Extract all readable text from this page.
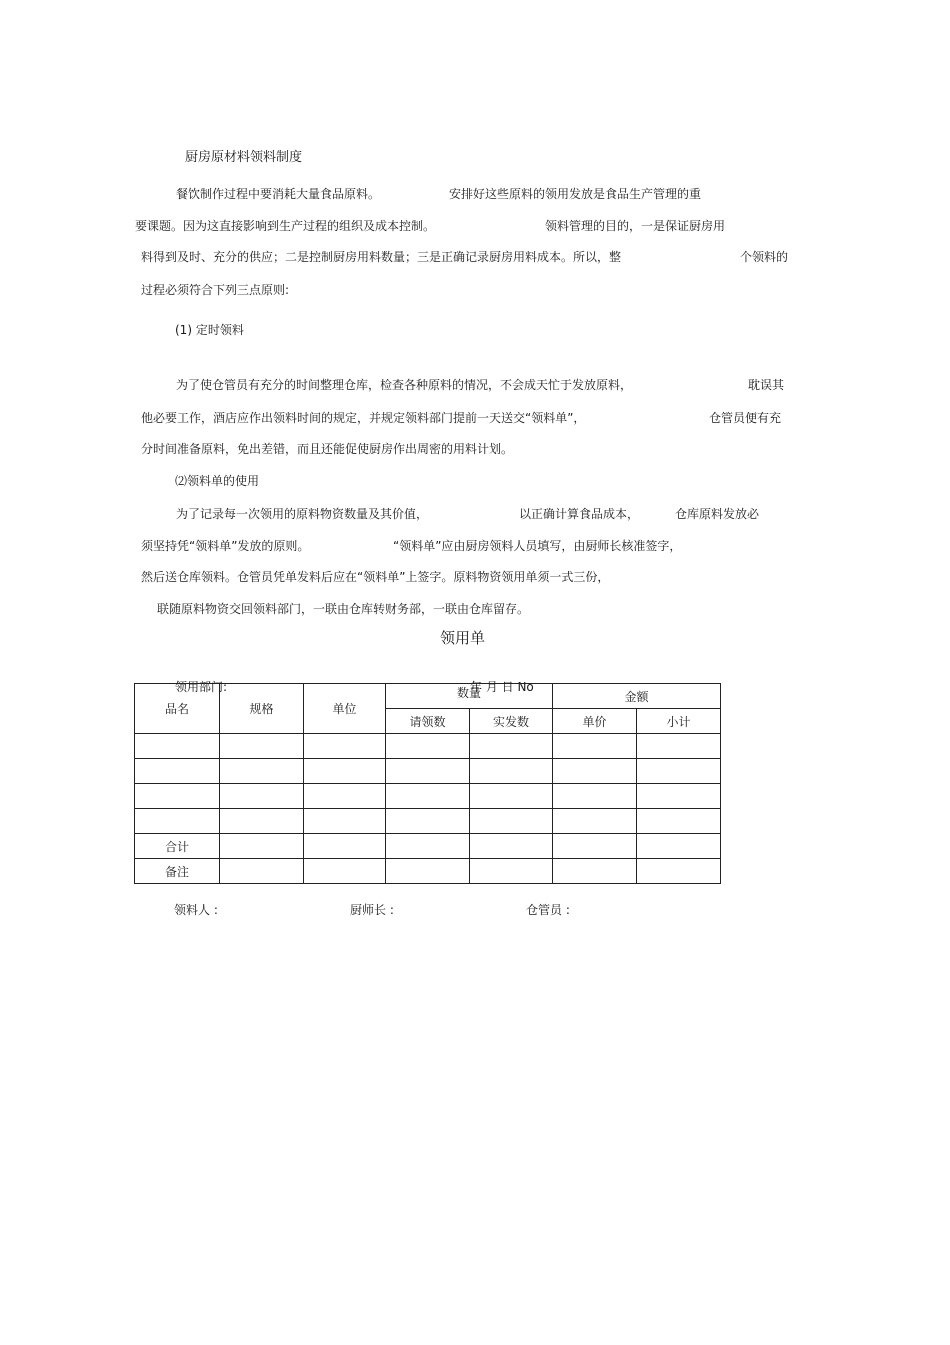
厨房原材料领料制度
餐饮制作过程中要消耗大量食品原料。	安排好这些原料的领用发放是食品生产管理的重
要课题。因为这直接影响到生产过程的组织及成本控制。	领料管理的目的，一是保证厨房用
料得到及时、充分的供应；二是控制厨房用料数量；三是正确记录厨房用料成本。所以，整	个领料的
过程必须符合下列三点原则:
(1) 定时领料
为了使仓管员有充分的时间整理仓库，检查各种原料的情况，不会成天忙于发放原料，	耽误其
他必要工作，酒店应作出领料时间的规定，并规定领料部门提前一天送交“领料单”，	仓管员便有充
分时间准备原料，免出差错，而且还能促使厨房作出周密的用料计划。
⑵领料单的使用
为了记录每一次领用的原料物资数量及其价值，	以正确计算食品成本，	仓库原料发放必
须坚持凭“领料单”发放的原则。	“领料单”应由厨房领料人员填写，由厨师长核准签字，
然后送仓库领料。仓管员凭单发料后应在“领料单”上签字。原料物资领用单须一式三份，
联随原料物资交回领料部门，一联由仓库转财务部，一联由仓库留存。
领用单
领用部门:	年 月 日 No
品名	规格	单位	数量		金额	
			请领数	实发数	单价	小计

合计						
备注						
领料人 :	厨师长 :	仓管员 :
